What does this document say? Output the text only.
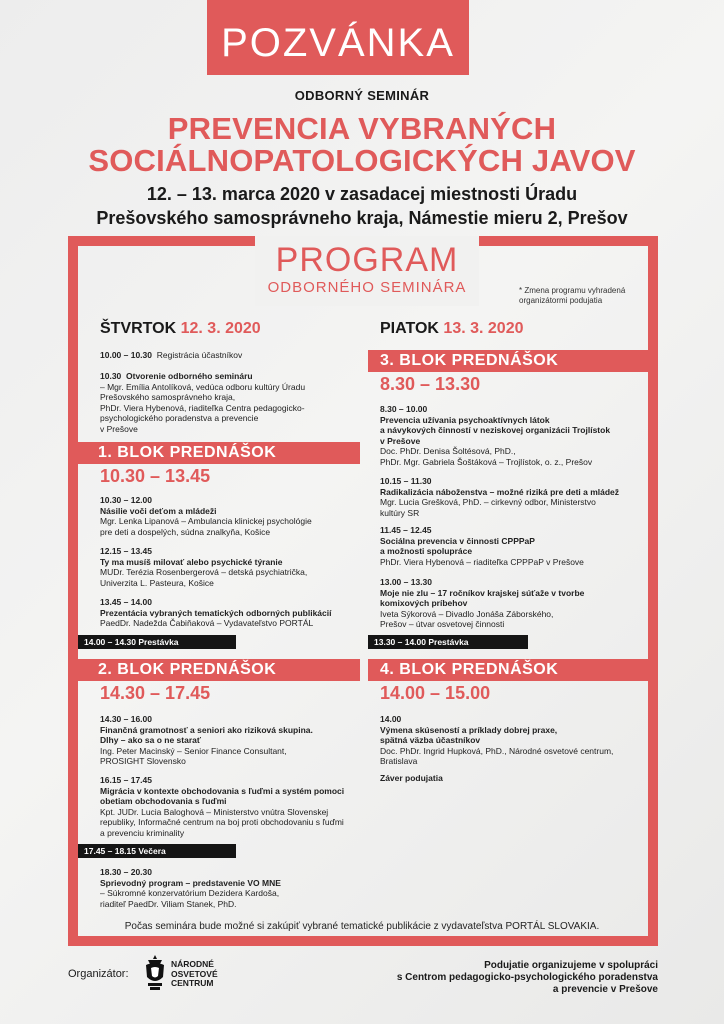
POZVÁNKA
ODBORNÝ SEMINÁR
PREVENCIA VYBRANÝCH
SOCIÁLNOPATOLOGICKÝCH JAVOV
12. – 13. marca 2020 v zasadacej miestnosti Úradu
Prešovského samosprávneho kraja, Námestie mieru 2, Prešov
PROGRAM
ODBORNÉHO SEMINÁRA	* Zmena programu vyhradená
organizátormi podujatia
ŠTVRTOK 12. 3. 2020
10.00 – 10.30 Registrácia účastníkov
10.30 Otvorenie odborného semináru
– Mgr. Emília Antolíková, vedúca odboru kultúry Úradu
Prešovského samosprávneho kraja,
PhDr. Viera Hybenová, riaditeľka Centra pedagogicko-
psychologického poradenstva a prevencie
v Prešove
1. BLOK PREDNÁŠOK
10.30 – 13.45
10.30 – 12.00
Násilie voči deťom a mládeži
Mgr. Lenka Lipanová – Ambulancia klinickej psychológie
pre deti a dospelých, súdna znalkyňa, Košice
12.15 – 13.45
Ty ma musíš milovať alebo psychické týranie
MUDr. Terézia Rosenbergerová – detská psychiatrička,
Univerzita L. Pasteura, Košice
13.45 – 14.00
Prezentácia vybraných tematických odborných publikácií
PaedDr. Nadežda Čabiňaková – Vydavateľstvo PORTÁL
14.00 – 14.30 Prestávka
2. BLOK PREDNÁŠOK
14.30 – 17.45
14.30 – 16.00
Finančná gramotnosť a seniori ako riziková skupina.
Dlhy – ako sa o ne starať
Ing. Peter Macinský – Senior Finance Consultant,
PROSIGHT Slovensko
16.15 – 17.45
Migrácia v kontexte obchodovania s ľuďmi a systém pomoci
obetiam obchodovania s ľuďmi
Kpt. JUDr. Lucia Baloghová – Ministerstvo vnútra Slovenskej
republiky, Informačné centrum na boj proti obchodovaniu s ľuďmi
a prevenciu kriminality
17.45 – 18.15 Večera
18.30 – 20.30
Sprievodný program – predstavenie VO MNE
– Súkromné konzervatórium Dezidera Kardoša,
riaditeľ PaedDr. Viliam Stanek, PhD.
PIATOK 13. 3. 2020
3. BLOK PREDNÁŠOK
8.30 – 13.30
8.30 – 10.00
Prevencia užívania psychoaktívnych látok
a návykových činností v neziskovej organizácii Trojlístok
v Prešove
Doc. PhDr. Denisa Šoltésová, PhD.,
PhDr. Mgr. Gabriela Šoštáková – Trojlístok, o. z., Prešov
10.15 – 11.30
Radikalizácia náboženstva – možné riziká pre deti a mládež
Mgr. Lucia Grešková, PhD. – cirkevný odbor, Ministerstvo
kultúry SR
11.45 – 12.45
Sociálna prevencia v činnosti CPPPaP
a možnosti spolupráce
PhDr. Viera Hybenová – riaditeľka CPPPaP v Prešove
13.00 – 13.30
Moje nie zlu – 17 ročníkov krajskej súťaže v tvorbe
komixových príbehov
Iveta Sýkorová – Divadlo Jonáša Záborského,
Prešov – útvar osvetovej činnosti
13.30 – 14.00 Prestávka
4. BLOK PREDNÁŠOK
14.00 – 15.00
14.00
Výmena skúseností a príklady dobrej praxe,
spätná väzba účastníkov
Doc. PhDr. Ingrid Hupková, PhD., Národné osvetové centrum,
Bratislava
Záver podujatia
Počas seminára bude možné si zakúpiť vybrané tematické publikácie z vydavateľstva PORTÁL SLOVAKIA.
Organizátor:
NÁRODNÉ
OSVETOVÉ
CENTRUM
Podujatie organizujeme v spolupráci
s Centrom pedagogicko-psychologického poradenstva
a prevencie v Prešove
